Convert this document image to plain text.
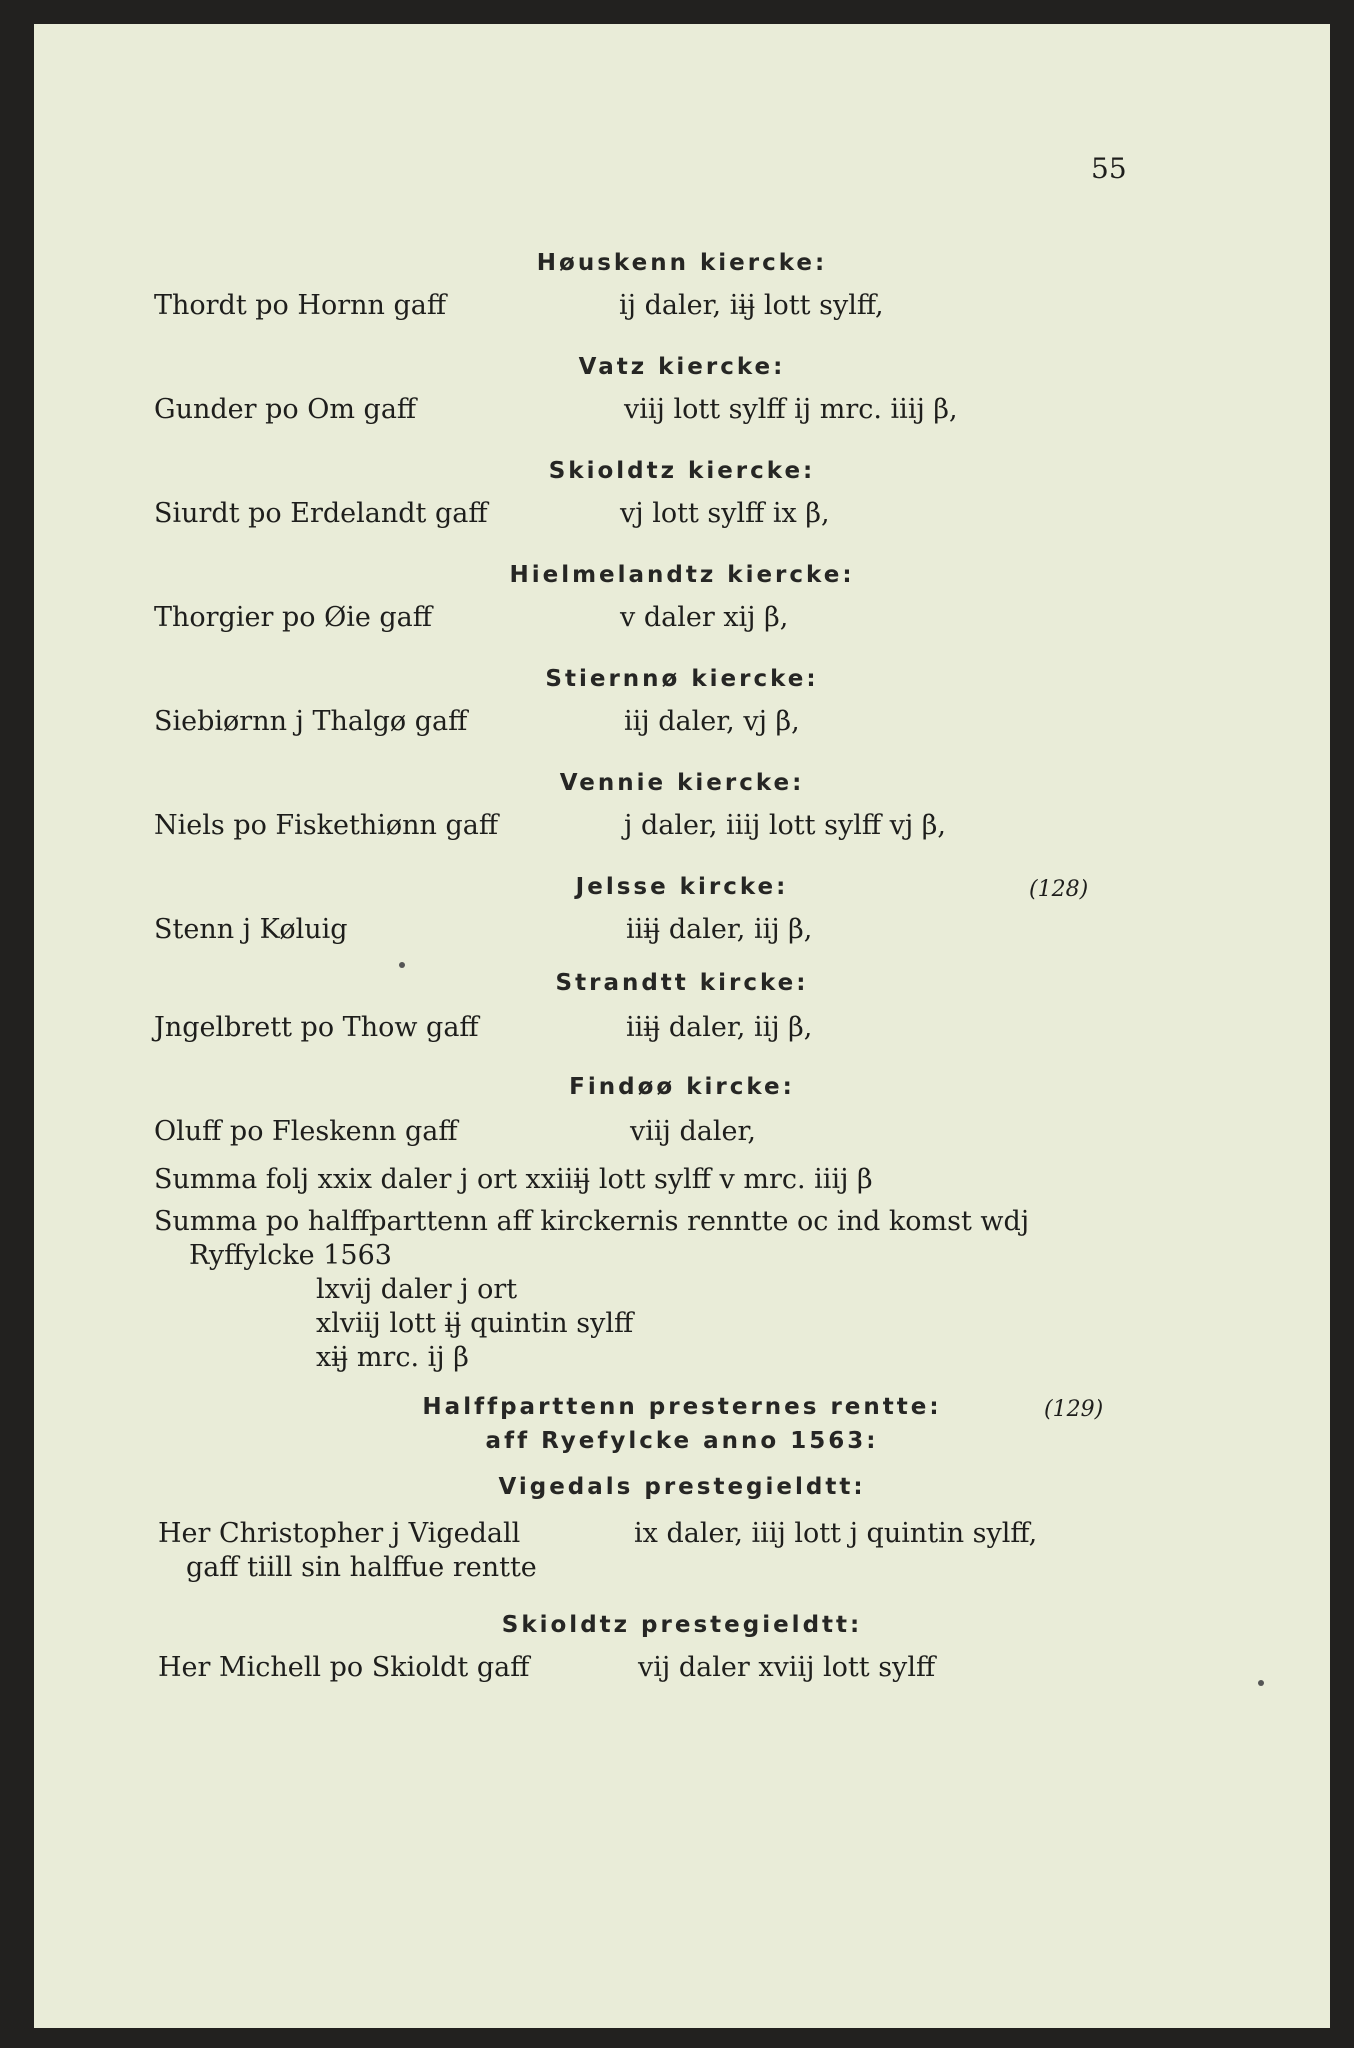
55
Høuskenn kiercke:
Thordt po Hornn gaff	ij daler, iij̶ lott sylff,
Vatz kiercke:
Gunder po Om gaff	viij lott sylff ij mrc. iiij β,
Skioldtz kiercke:
Siurdt po Erdelandt gaff	vj lott sylff ix β,
Hielmelandtz kiercke:
Thorgier po Øie gaff	v daler xij β,
Stiernnø kiercke:
Siebiørnn j Thalgø gaff	iij daler, vj β,
Vennie kiercke:
Niels po Fiskethiønn gaff	j daler, iiij lott sylff vj β,
Jelsse kircke:	(128)
Stenn j Køluig	iiij̶ daler, iij β,
Strandtt kircke:
Jngelbrett po Thow gaff	iiij̶ daler, iij β,
Findøø kircke:
Oluff po Fleskenn gaff	viij daler,
Summa folj xxix daler j ort xxiiij̶ lott sylff v mrc. iiij β
Summa po halffparttenn aff kirckernis renntte oc ind komst wdj
Ryffylcke 1563
lxvij daler j ort
xlviij lott ij̶ quintin sylff
xij̶ mrc. ij β
Halffparttenn presternes rentte:	(129)
aff Ryefylcke anno 1563:
Vigedals prestegieldtt:
Her Christopher j Vigedall	ix daler, iiij lott j quintin sylff,
gaff tiill sin halffue rentte
Skioldtz prestegieldtt:
Her Michell po Skioldt gaff	vij daler xviij lott sylff
